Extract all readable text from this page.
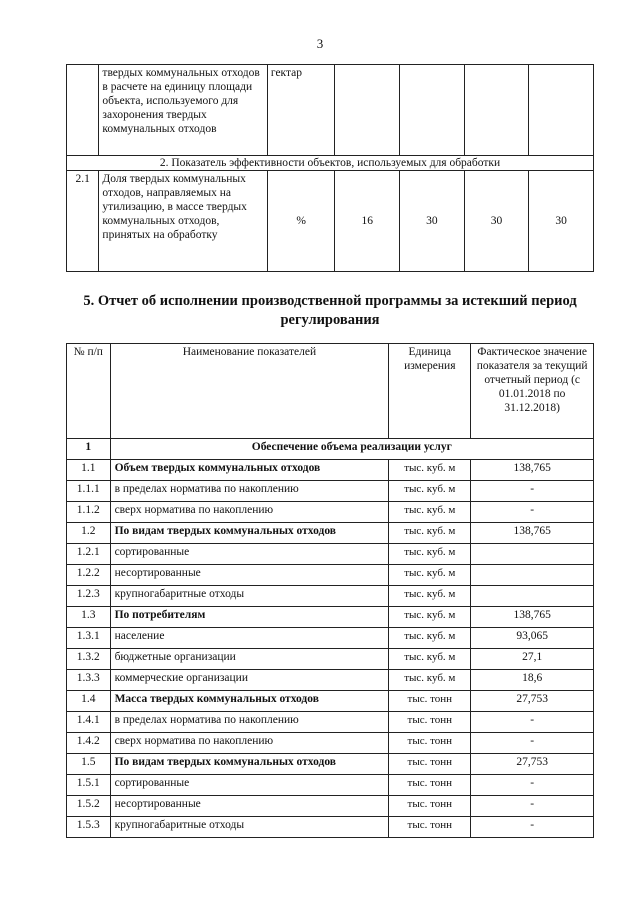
3
	твердых коммунальных отходов в расчете на единицу площади объекта, используемого для захоронения твердых коммунальных отходов	гектар				
2. Показатель эффективности объектов, используемых для обработки						
2.1	Доля твердых коммунальных отходов, направляемых на утилизацию, в массе твердых коммунальных отходов, принятых на обработку	%	16	30	30	30
5. Отчет об исполнении производственной программы за истекший период регулирования
№ п/п	Наименование показателей	Единица измерения	Фактическое значение показателя за текущий отчетный период (с 01.01.2018 по 31.12.2018)
1	Обеспечение объема реализации услуг		
1.1	Объем твердых коммунальных отходов	тыс. куб. м	138,765
1.1.1	в пределах норматива по накоплению	тыс. куб. м	-
1.1.2	сверх норматива по накоплению	тыс. куб. м	-
1.2	По видам твердых коммунальных отходов	тыс. куб. м	138,765
1.2.1	сортированные	тыс. куб. м	
1.2.2	несортированные	тыс. куб. м	
1.2.3	крупногабаритные отходы	тыс. куб. м	
1.3	По потребителям	тыс. куб. м	138,765
1.3.1	население	тыс. куб. м	93,065
1.3.2	бюджетные организации	тыс. куб. м	27,1
1.3.3	коммерческие организации	тыс. куб. м	18,6
1.4	Масса твердых коммунальных отходов	тыс. тонн	27,753
1.4.1	в пределах норматива по накоплению	тыс. тонн	-
1.4.2	сверх норматива по накоплению	тыс. тонн	-
1.5	По видам твердых коммунальных отходов	тыс. тонн	27,753
1.5.1	сортированные	тыс. тонн	-
1.5.2	несортированные	тыс. тонн	-
1.5.3	крупногабаритные отходы	тыс. тонн	-
